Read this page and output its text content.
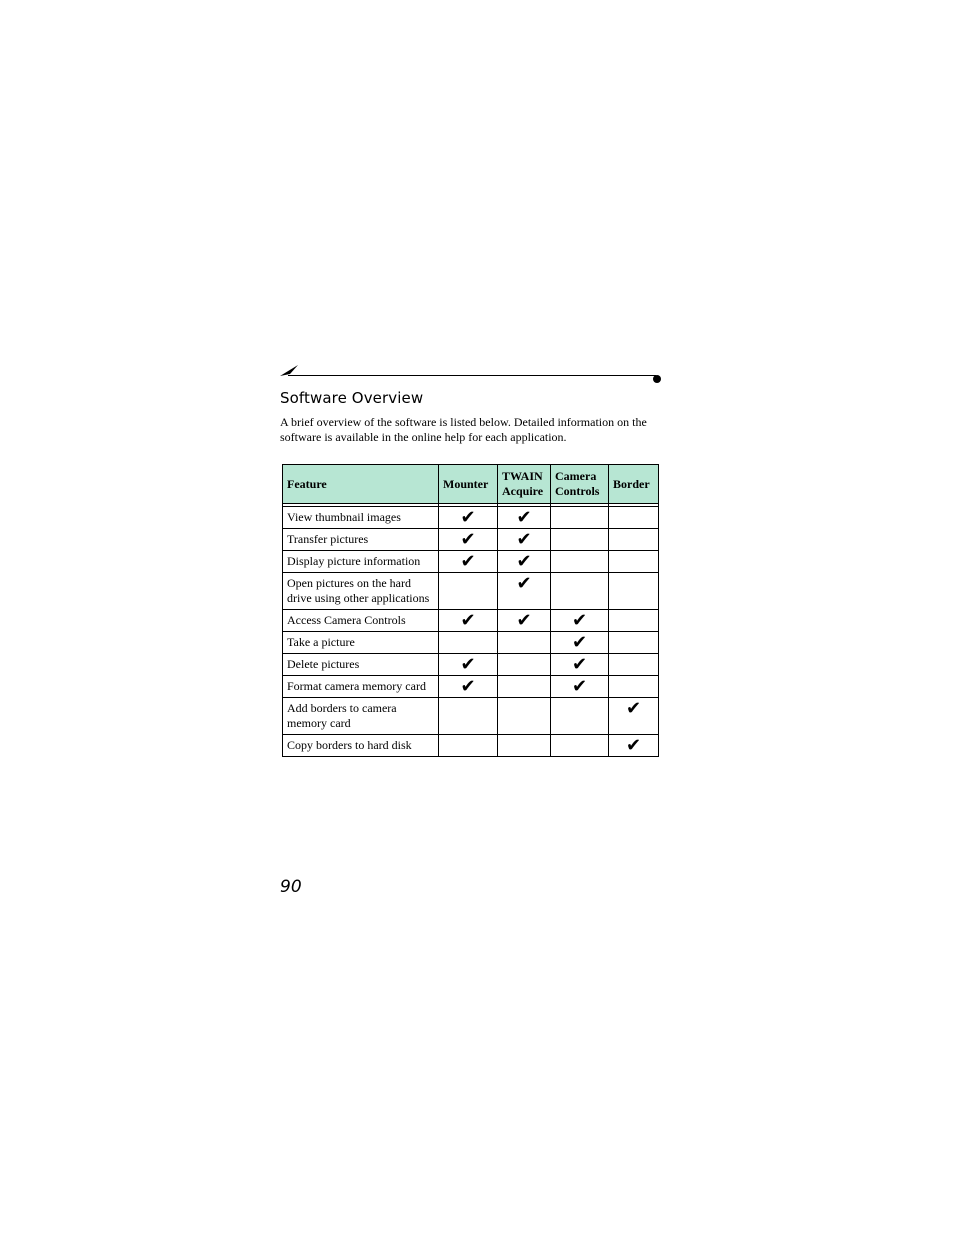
Software Overview

A brief overview of the software is listed below. Detailed information on the software is available in the online help for each application.

Feature	Mounter	TWAIN Acquire	Camera Controls	Border

View thumbnail images	✔	✔		
Transfer pictures	✔	✔		
Display picture information	✔	✔		
Open pictures on the hard drive using other applications		✔		
Access Camera Controls	✔	✔	✔	
Take a picture			✔	
Delete pictures	✔		✔	
Format camera memory card	✔		✔	
Add borders to camera memory card				✔
Copy borders to hard disk				✔

90
